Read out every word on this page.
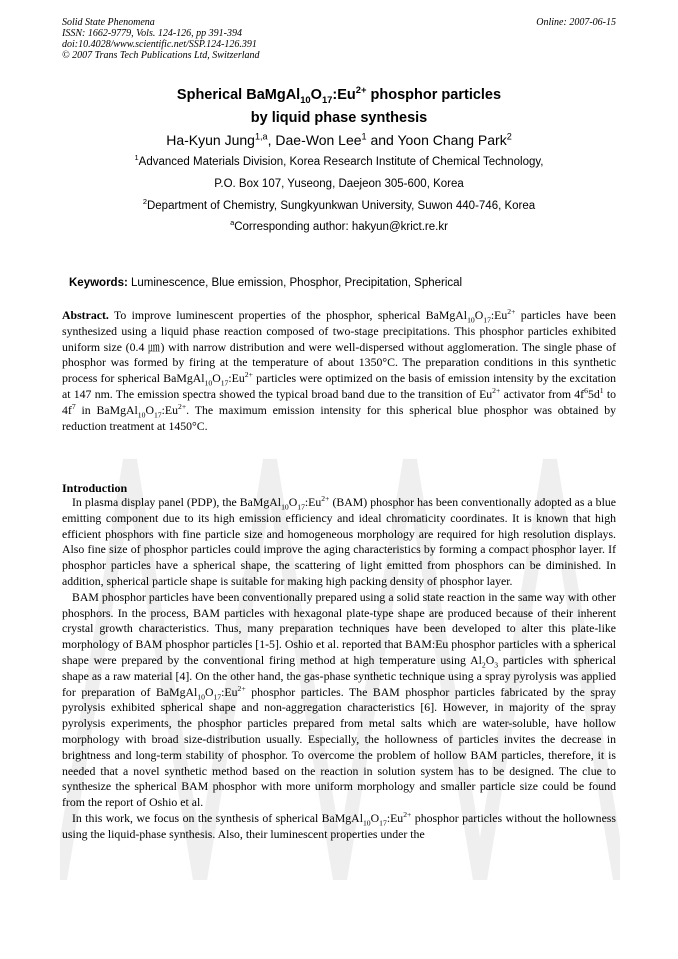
Solid State Phenomena
ISSN: 1662-9779, Vols. 124-126, pp 391-394
doi:10.4028/www.scientific.net/SSP.124-126.391
© 2007 Trans Tech Publications Ltd, Switzerland
Online: 2007-06-15
Spherical $BaMgAl_{10}O_{17}:Eu^{2+}$ phosphor particles
by liquid phase synthesis
Ha-Kyun Jung$^{1,a}$, Dae-Won Lee$^1$ and Yoon Chang Park$^2$
$^1$Advanced Materials Division, Korea Research Institute of Chemical Technology,
P.O. Box 107, Yuseong, Daejeon 305-600, Korea
$^2$Department of Chemistry, Sungkyunkwan University, Suwon 440-746, Korea
$^a$Corresponding author: hakyun@krict.re.kr
Keywords: Luminescence, Blue emission, Phosphor, Precipitation, Spherical
Abstract. To improve luminescent properties of the phosphor, spherical $BaMgAl_{10}O_{17}:Eu^{2+}$ particles have been synthesized using a liquid phase reaction composed of two-stage precipitations. This phosphor particles exhibited uniform size (0.4 ㎛) with narrow distribution and were well-dispersed without agglomeration. The single phase of phosphor was formed by firing at the temperature of about 1350°C. The preparation conditions in this synthetic process for spherical $BaMgAl_{10}O_{17}:Eu^{2+}$ particles were optimized on the basis of emission intensity by the excitation at 147 nm. The emission spectra showed the typical broad band due to the transition of $Eu^{2+}$ activator from $4f^65d^1$ to $4f^7$ in $BaMgAl_{10}O_{17}:Eu^{2+}$. The maximum emission intensity for this spherical blue phosphor was obtained by reduction treatment at 1450°C.
Introduction

In plasma display panel (PDP), the $BaMgAl_{10}O_{17}:Eu^{2+}$ (BAM) phosphor has been conventionally adopted as a blue emitting component due to its high emission efficiency and ideal chromaticity coordinates. It is known that high efficient phosphors with fine particle size and homogeneous morphology are required for high resolution displays. Also fine size of phosphor particles could improve the aging characteristics by forming a compact phosphor layer. If phosphor particles have a spherical shape, the scattering of light emitted from phosphors can be diminished. In addition, spherical particle shape is suitable for making high packing density of phosphor layer.

BAM phosphor particles have been conventionally prepared using a solid state reaction in the same way with other phosphors. In the process, BAM particles with hexagonal plate-type shape are produced because of their inherent crystal growth characteristics. Thus, many preparation techniques have been developed to alter this plate-like morphology of BAM phosphor particles [1-5]. Oshio et al. reported that BAM:Eu phosphor particles with a spherical shape were prepared by the conventional firing method at high temperature using $Al_2O_3$ particles with spherical shape as a raw material [4]. On the other hand, the gas-phase synthetic technique using a spray pyrolysis was applied for preparation of $BaMgAl_{10}O_{17}:Eu^{2+}$ phosphor particles. The BAM phosphor particles fabricated by the spray pyrolysis exhibited spherical shape and non-aggregation characteristics [6]. However, in majority of the spray pyrolysis experiments, the phosphor particles prepared from metal salts which are water-soluble, have hollow morphology with broad size-distribution usually. Especially, the hollowness of particles invites the decrease in brightness and long-term stability of phosphor. To overcome the problem of hollow BAM particles, therefore, it is needed that a novel synthetic method based on the reaction in solution system has to be designed. The clue to synthesize the spherical BAM phosphor with more uniform morphology and smaller particle size could be found from the report of Oshio et al.

In this work, we focus on the synthesis of spherical $BaMgAl_{10}O_{17}:Eu^{2+}$ phosphor particles without the hollowness using the liquid-phase synthesis. Also, their luminescent properties under the
